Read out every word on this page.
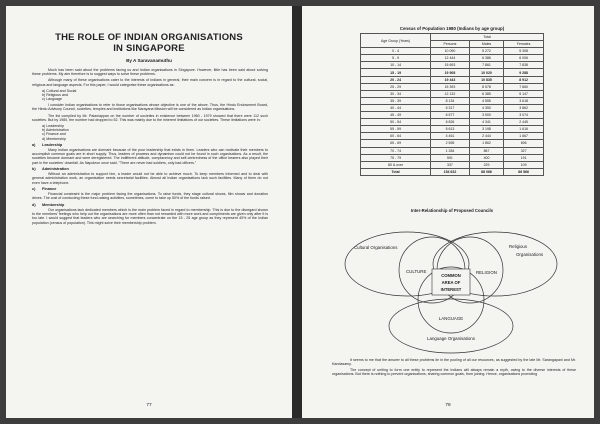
THE ROLE OF INDIAN ORGANISATIONS
IN SINGAPORE
By A Saravanamuthu

Much has been said about the problems facing us and Indian organisations in Singapore. However, little has been said about solving these problems. My aim therefore is to suggest ways to solve these problems.

Although many of these organisations cater to the interests of Indians in general, their main concern is in regard to the cultural, social, religious and language aspects. For this paper, I would categorise these organisations as:

a) Cultural and Social
b) Religious and
c) Language

I consider Indian organisations to refer to those organisations whose objective is one of the above. Thus, the Hindu Endowment Board, the Hindu Advisory Council, societies, temples and institutions like Narayana Mission will be considered as Indian organisations.

The list compiled by Mr. Palaniappan on the number of societies in existence between 1960 - 1979 showed that there were 112 such societies. But by 1980, the number had dropped to 52. This was mainly due to the inherent limitations of our societies. These limitations were in:

a) Leadership
b) Administration
c) Finance and
d) Membership
a) Leadership

Many Indian organisations are dormant because of the poor leadership that exists in them. Leaders who can motivate their members to accomplish common goals are in short supply. Thus, leaders of prowess and dynamism could not be found in such organisations. As a result, the societies became dormant and were deregistered. The indifferent attitude, complacency and self-centredness of the office bearers also played their part in the societies' downfall. As Napoleon once said, "There are never bad soldiers, only bad officers."

b) Administration

Without an administration to support him, a leader would not be able to achieve much. To keep members informed and to deal with general administration work, an organisation needs secretarial facilities. Almost all Indian organisations lack such facilities. Many of them do not even have a telephone.

c) Finance

Financial constraint is the major problem facing the organisations. To raise funds, they stage cultural shows, film shows and donation drives. The cost of conducting these fund-raising activities, sometimes, come to take up 50% of the funds raised.

d) Membership

Our organisations lack dedicated members which is the main problem faced in regard to membership. This is due to the disregard shown to the members' feelings who help out the organisations are more often than not rewarded with more work and compliments are given only after it is too late. I would suggest that leaders who are searching for members concentrate on the 15 - 25 age group as they represent 40% of the Indian population (census of population). This might solve their membership problem.

77
Census of Population 1980 (Indians by age group)
Age Group (Years)	Total		
	Persons	Males	Females
0 - 4	10 090	5 272	5 308
5 - 9	12 444	6 386	6 006
10 - 14	15 693	7 861	7 838
15 - 19	19 908	10 020	9 288
20 - 24	19 443	10 835	8 912
25 - 29	15 393	8 578	7 660
30 - 34	12 132	6 385	5 147
35 - 39	8 134	4 555	3 618
40 - 44	6 317	4 350	3 862
45 - 49	6 577	3 500	3 074
50 - 54	6 826	4 341	2 445
55 - 59	5 613	3 198	1 616
60 - 64	4 461	2 444	1 667
65 - 69	2 555	1 862	696
70 - 74	1 284	867	327
75 - 79	591	400	191
80 & over	337	229	109
Total	154 632	88 066	66 566
Inter-Relationship of Proposed Councils
Cultural Organisations	Religious
Organisations
CULTURE	RELIGION
COMMON
AREA OF
INTEREST
LANGUAGE
Language Organisations

It seems to me that the answer to all these problems lie in the pooling of all our resources, as suggested by the late Mr. Sarangapani and Mr. Kandasamy.

The concept of uniting to form one entity to represent the Indians will always remain a myth, owing to the diverse interests of these organisations. But there is nothing to prevent organisations, sharing common goals, from joining. Hence, organisations promoting

78
